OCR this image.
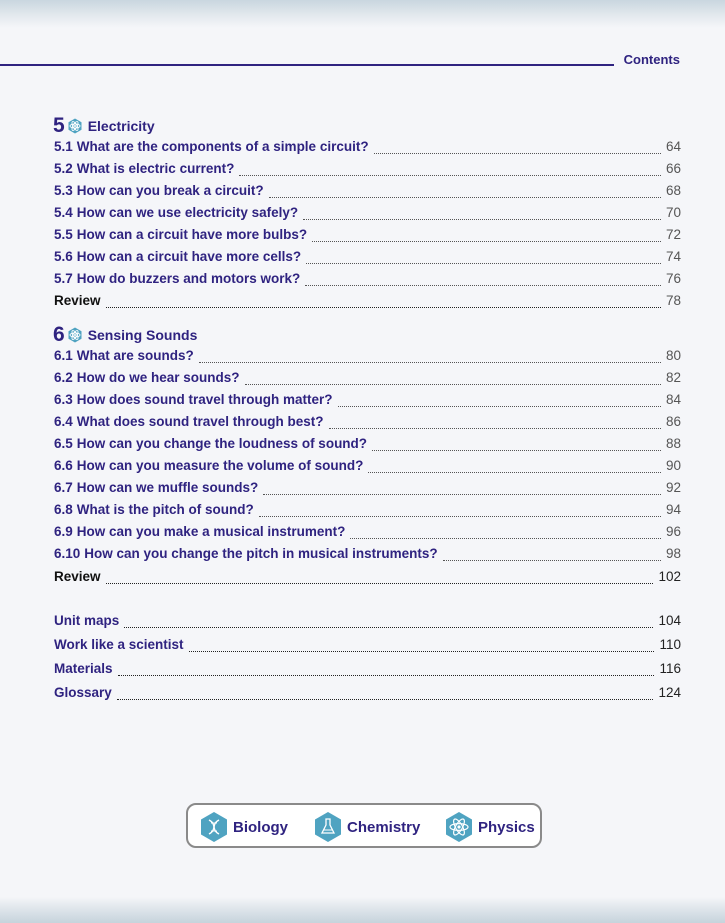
Contents
5 Electricity
5.1 What are the components of a simple circuit?	64
5.2 What is electric current?	66
5.3 How can you break a circuit?	68
5.4 How can we use electricity safely?	70
5.5 How can a circuit have more bulbs?	72
5.6 How can a circuit have more cells?	74
5.7 How do buzzers and motors work?	76
Review	78
6 Sensing Sounds
6.1 What are sounds?	80
6.2 How do we hear sounds?	82
6.3 How does sound travel through matter?	84
6.4 What does sound travel through best?	86
6.5 How can you change the loudness of sound?	88
6.6 How can you measure the volume of sound?	90
6.7 How can we muffle sounds?	92
6.8 What is the pitch of sound?	94
6.9 How can you make a musical instrument?	96
6.10 How can you change the pitch in musical instruments?	98
Review	102
Unit maps	104
Work like a scientist	110
Materials	116
Glossary	124
Biology	Chemistry	Physics
